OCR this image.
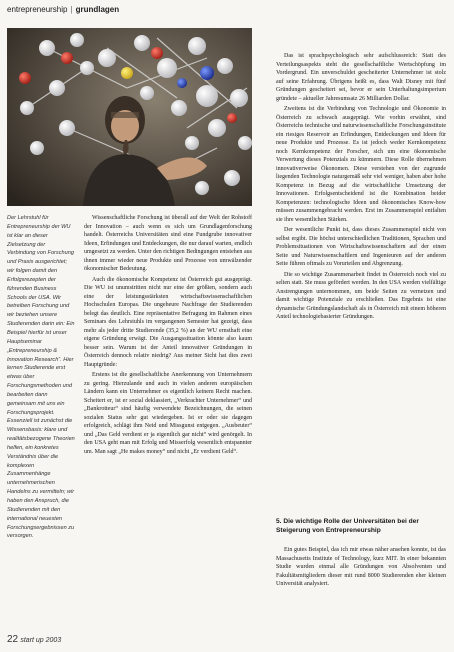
entrepreneurship | grundlagen
Der Lehrstuhl für Entrepreneurship der WU ist klar an dieser Zielsetzung der Verbindung von Forschung und Praxis ausgerichtet; wir folgen damit den Erfolgsrezepten der führenden Business Schools der USA. Wir betreiben Forschung und wir beziehen unsere Studierenden darin ein: Ein Beispiel hierfür ist unser Hauptseminar „Entrepreneurship & Innovation Research“. Hier lernen Studierende erst etwas über Forschungsmethoden und bearbeiten dann gemeinsam mit uns ein Forschungsprojekt. Essenziell ist zunächst die Wissensbasis: klare und realitätsbezogene Theorien helfen, ein konkretes Verständnis über die komplexen Zusammenhänge unternehmerischen Handelns zu vermitteln; wir haben den Anspruch, die Studierenden mit den international neuesten Forschungsergebnissen zu versorgen.

Wissenschaftliche Forschung ist überall auf der Welt der Rohstoff der Innovation – auch wenn es sich um Grundlagenforschung handelt. Österreichs Universitäten sind eine Fundgrube innovativer Ideen, Erfindungen und Entdeckungen, die nur darauf warten, endlich umgesetzt zu werden. Unter den richtigen Bedingungen entstehen aus ihnen immer wieder neue Produkte und Prozesse von umwälzender ökonomischer Bedeutung.

Auch die ökonomische Kompetenz ist Österreich gut ausgeprägt. Die WU ist unumstritten nicht nur eine der größten, sondern auch eine der leistungsstärksten wirtschaftswissenschaftlichen Hochschulen Europas. Die ungeheure Nachfrage der Studierenden belegt das deutlich. Eine repräsentative Befragung im Rahmen eines Seminars des Lehrstuhls im vergangenen Semester hat gezeigt, dass mehr als jeder dritte Studierende (35,2 %) an der WU ernsthaft eine eigene Gründung erwägt. Die Ausgangssituation könnte also kaum besser sein. Warum ist der Anteil innovativer Gründungen in Österreich dennoch relativ niedrig? Aus meiner Sicht hat dies zwei Hauptgründe:

Erstens ist die gesellschaftliche Anerkennung von Unternehmern zu gering. Hierzulande und auch in vielen anderen europäischen Ländern kann ein Unternehmer es eigentlich keinem Recht machen. Scheitert er, ist er sozial deklassiert, „Verkrachter Unternehmer“ und „Bankrotteur“ sind häufig verwendete Bezeichnungen, die seinen sozialen Status sehr gut wiedergeben. Ist er oder sie dagegen erfolgreich, schlägt ihm Neid und Missgunst entgegen. „Ausbeuter“ und „Das Geld verdient er ja eigentlich gar nicht“ wird genörgelt. In den USA geht man mit Erfolg und Misserfolg wesentlich entspannter um. Man sagt „He makes money“ und nicht „Er verdient Geld“.

Das ist sprachpsychologisch sehr aufschlussreich: Statt des Verteilungsaspekts steht die gesellschaftliche Wertschöpfung im Vordergrund. Ein unverschuldet gescheiterter Unternehmer ist stolz auf seine Erfahrung. Übrigens heißt es, dass Walt Disney mit fünf Gründungen gescheitert sei, bevor er sein Unterhaltungsimperium gründete – aktueller Jahresumsatz 26 Milliarden Dollar.

Zweitens ist die Verbindung von Technologie und Ökonomie in Österreich zu schwach ausgeprägt. Wie vorhin erwähnt, sind Österreichs technische und naturwissenschaftliche Forschungsinstitute ein riesiges Reservoir an Erfindungen, Entdeckungen und Ideen für neue Produkte und Prozesse. Es ist jedoch weder Kernkompetenz noch Kernkompetenz der Forscher, sich um eine ökonomische Verwertung dieses Potenzials zu kümmern. Diese Rolle übernehmen innovativerweise Ökonomen. Diese verstehen von der zugrunde liegenden Technologie naturgemäß sehr viel weniger, haben aber hohe Kompetenz in Bezug auf die wirtschaftliche Umsetzung der Innovationen. Erfolgsentscheidend ist die Kombination beider Kompetenzen: technologische Ideen und ökonomisches Know-how müssen zusammengebracht werden. Erst im Zusammenspiel entfalten sie ihre wesentlichen Stärken.

Der wesentliche Punkt ist, dass dieses Zusammenspiel nicht von selbst ergibt. Die höchst unterschiedlichen Traditionen, Sprachen und Problemsituationen von Wirtschaftswissenschaftern auf der einen Seite und Naturwissenschaftlern und Ingenieuren auf der anderen Seite führen oftmals zu Vorurteilen und Abgrenzung.

Die so wichtige Zusammenarbeit findet in Österreich noch viel zu selten statt. Sie muss gefördert werden. In den USA werden vielfältige Anstrengungen unternommen, um beide Seiten zu vernetzen und damit wichtige Potenziale zu erschließen. Das Ergebnis ist eine dynamische Gründungslandschaft als in Österreich mit einem höheren Anteil technologiebasierter Gründungen.

5. Die wichtige Rolle der Universitäten bei der Steigerung von Entrepreneurship

Ein gutes Beispiel, das ich mir etwas näher ansehen konnte, ist das Massachusetts Institute of Technology, kurz MIT. In einer bekannten Studie wurden einmal alle Gründungen von Absolventen und Fakultätsmitgliedern dieser mit rund 8000 Studierenden eher kleinen Universität analysiert.

22 start up 2003
